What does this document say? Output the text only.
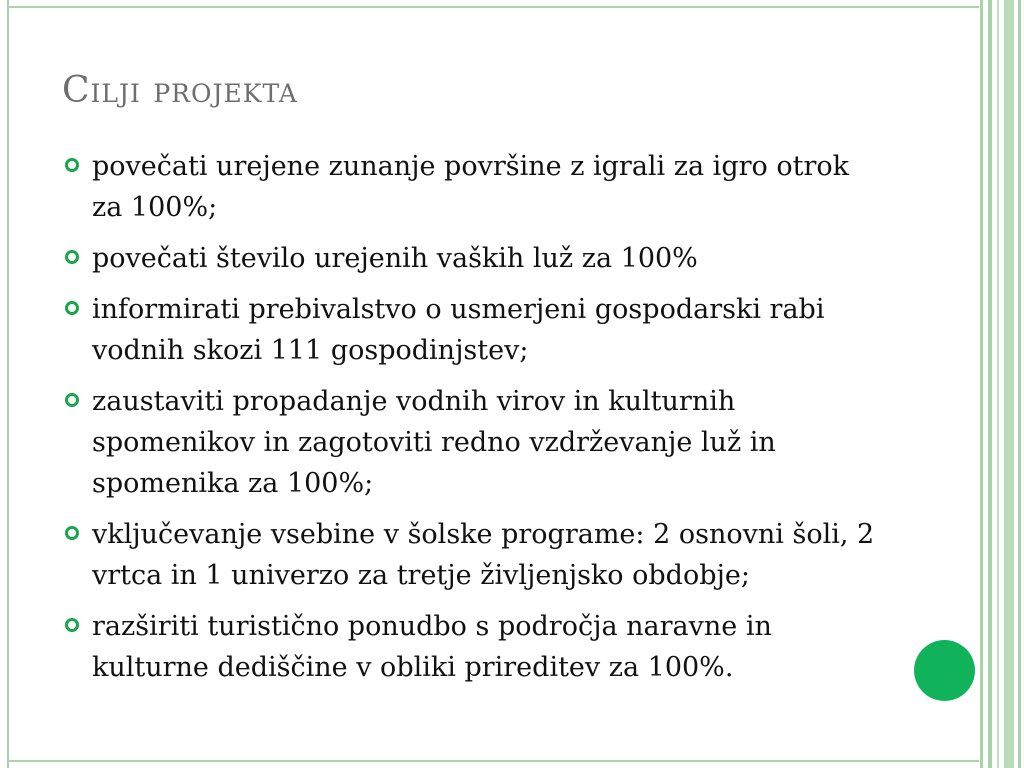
Cilji projekta
povečati urejene zunanje površine z igrali za igro otrok za 100%;
povečati število urejenih vaških luž za 100%
informirati prebivalstvo o usmerjeni gospodarski rabi vodnih skozi 111 gospodinjstev;
zaustaviti propadanje vodnih virov in kulturnih spomenikov in zagotoviti redno vzdrževanje luž in spomenika za 100%;
vključevanje vsebine v šolske programe: 2 osnovni šoli, 2 vrtca in 1 univerzo za tretje življenjsko obdobje;
razširiti turistično ponudbo s področja naravne in kulturne dediščine v obliki prireditev za 100%.
